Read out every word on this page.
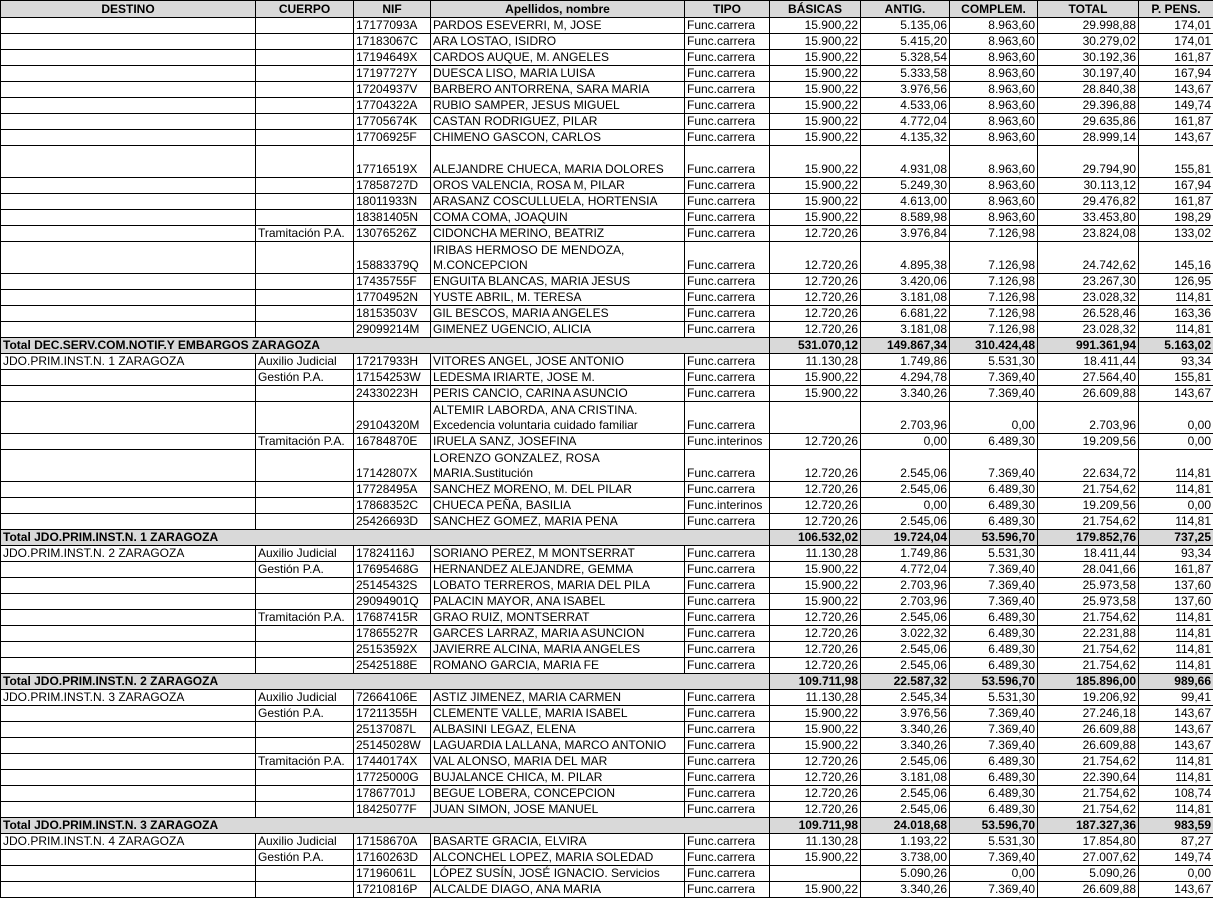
DESTINO	CUERPO	NIF	Apellidos, nombre	TIPO	BÁSICAS	ANTIG.	COMPLEM.	TOTAL	P. PENS.
		17177093A	PARDOS ESEVERRI, M, JOSE	Func.carrera	15.900,22	5.135,06	8.963,60	29.998,88	174,01
		17183067C	ARA LOSTAO, ISIDRO	Func.carrera	15.900,22	5.415,20	8.963,60	30.279,02	174,01
		17194649X	CARDOS AUQUE, M. ANGELES	Func.carrera	15.900,22	5.328,54	8.963,60	30.192,36	161,87
		17197727Y	DUESCA LISO, MARIA LUISA	Func.carrera	15.900,22	5.333,58	8.963,60	30.197,40	167,94
		17204937V	BARBERO ANTORRENA, SARA MARIA	Func.carrera	15.900,22	3.976,56	8.963,60	28.840,38	143,67
		17704322A	RUBIO SAMPER, JESUS MIGUEL	Func.carrera	15.900,22	4.533,06	8.963,60	29.396,88	149,74
		17705674K	CASTAN RODRIGUEZ, PILAR	Func.carrera	15.900,22	4.772,04	8.963,60	29.635,86	161,87
		17706925F	CHIMENO GASCON, CARLOS	Func.carrera	15.900,22	4.135,32	8.963,60	28.999,14	143,67
		17716519X	ALEJANDRE CHUECA, MARIA DOLORES	Func.carrera	15.900,22	4.931,08	8.963,60	29.794,90	155,81
		17858727D	OROS VALENCIA, ROSA M, PILAR	Func.carrera	15.900,22	5.249,30	8.963,60	30.113,12	167,94
		18011933N	ARASANZ COSCULLUELA, HORTENSIA	Func.carrera	15.900,22	4.613,00	8.963,60	29.476,82	161,87
		18381405N	COMA COMA, JOAQUIN	Func.carrera	15.900,22	8.589,98	8.963,60	33.453,80	198,29
	Tramitación P.A.	13076526Z	CIDONCHA MERINO, BEATRIZ	Func.carrera	12.720,26	3.976,84	7.126,98	23.824,08	133,02
		15883379Q	IRIBAS HERMOSO DE MENDOZA, M.CONCEPCION	Func.carrera	12.720,26	4.895,38	7.126,98	24.742,62	145,16
		17435755F	ENGUITA BLANCAS, MARIA JESUS	Func.carrera	12.720,26	3.420,06	7.126,98	23.267,30	126,95
		17704952N	YUSTE ABRIL, M. TERESA	Func.carrera	12.720,26	3.181,08	7.126,98	23.028,32	114,81
		18153503V	GIL BESCOS, MARIA ANGELES	Func.carrera	12.720,26	6.681,22	7.126,98	26.528,46	163,36
		29099214M	GIMENEZ UGENCIO, ALICIA	Func.carrera	12.720,26	3.181,08	7.126,98	23.028,32	114,81
Total DEC.SERV.COM.NOTIF.Y EMBARGOS ZARAGOZA					531.070,12	149.867,34	310.424,48	991.361,94	5.163,02
JDO.PRIM.INST.N. 1 ZARAGOZA	Auxilio Judicial	17217933H	VITORES ANGEL, JOSE ANTONIO	Func.carrera	11.130,28	1.749,86	5.531,30	18.411,44	93,34
	Gestión P.A.	17154253W	LEDESMA IRIARTE, JOSE M.	Func.carrera	15.900,22	4.294,78	7.369,40	27.564,40	155,81
		24330223H	PERIS CANCIO, CARINA ASUNCIO	Func.carrera	15.900,22	3.340,26	7.369,40	26.609,88	143,67
		29104320M	ALTEMIR LABORDA, ANA CRISTINA. Excedencia voluntaria cuidado familiar	Func.carrera		2.703,96	0,00	2.703,96	0,00
	Tramitación P.A.	16784870E	IRUELA SANZ, JOSEFINA	Func.interinos	12.720,26	0,00	6.489,30	19.209,56	0,00
		17142807X	LORENZO GONZALEZ, ROSA MARIA.Sustitución	Func.carrera	12.720,26	2.545,06	7.369,40	22.634,72	114,81
		17728495A	SANCHEZ MORENO, M. DEL PILAR	Func.carrera	12.720,26	2.545,06	6.489,30	21.754,62	114,81
		17868352C	CHUECA PEÑA, BASILIA	Func.interinos	12.720,26	0,00	6.489,30	19.209,56	0,00
		25426693D	SANCHEZ GOMEZ, MARIA PENA	Func.carrera	12.720,26	2.545,06	6.489,30	21.754,62	114,81
Total JDO.PRIM.INST.N. 1 ZARAGOZA					106.532,02	19.724,04	53.596,70	179.852,76	737,25
JDO.PRIM.INST.N. 2 ZARAGOZA	Auxilio Judicial	17824116J	SORIANO PEREZ, M MONTSERRAT	Func.carrera	11.130,28	1.749,86	5.531,30	18.411,44	93,34
	Gestión P.A.	17695468G	HERNANDEZ ALEJANDRE, GEMMA	Func.carrera	15.900,22	4.772,04	7.369,40	28.041,66	161,87
		25145432S	LOBATO TERREROS, MARIA DEL PILA	Func.carrera	15.900,22	2.703,96	7.369,40	25.973,58	137,60
		29094901Q	PALACIN MAYOR, ANA ISABEL	Func.carrera	15.900,22	2.703,96	7.369,40	25.973,58	137,60
	Tramitación P.A.	17687415R	GRAO RUIZ, MONTSERRAT	Func.carrera	12.720,26	2.545,06	6.489,30	21.754,62	114,81
		17865527R	GARCES LARRAZ, MARIA ASUNCION	Func.carrera	12.720,26	3.022,32	6.489,30	22.231,88	114,81
		25153592X	JAVIERRE ALCINA, MARIA ANGELES	Func.carrera	12.720,26	2.545,06	6.489,30	21.754,62	114,81
		25425188E	ROMANO GARCIA, MARIA FE	Func.carrera	12.720,26	2.545,06	6.489,30	21.754,62	114,81
Total JDO.PRIM.INST.N. 2 ZARAGOZA					109.711,98	22.587,32	53.596,70	185.896,00	989,66
JDO.PRIM.INST.N. 3 ZARAGOZA	Auxilio Judicial	72664106E	ASTIZ JIMENEZ, MARIA CARMEN	Func.carrera	11.130,28	2.545,34	5.531,30	19.206,92	99,41
	Gestión P.A.	17211355H	CLEMENTE VALLE, MARIA ISABEL	Func.carrera	15.900,22	3.976,56	7.369,40	27.246,18	143,67
		25137087L	ALBASINI LEGAZ, ELENA	Func.carrera	15.900,22	3.340,26	7.369,40	26.609,88	143,67
		25145028W	LAGUARDIA LALLANA, MARCO ANTONIO	Func.carrera	15.900,22	3.340,26	7.369,40	26.609,88	143,67
	Tramitación P.A.	17440174X	VAL ALONSO, MARIA DEL MAR	Func.carrera	12.720,26	2.545,06	6.489,30	21.754,62	114,81
		17725000G	BUJALANCE CHICA, M. PILAR	Func.carrera	12.720,26	3.181,08	6.489,30	22.390,64	114,81
		17867701J	BEGUE LOBERA, CONCEPCION	Func.carrera	12.720,26	2.545,06	6.489,30	21.754,62	108,74
		18425077F	JUAN SIMON, JOSE MANUEL	Func.carrera	12.720,26	2.545,06	6.489,30	21.754,62	114,81
Total JDO.PRIM.INST.N. 3 ZARAGOZA					109.711,98	24.018,68	53.596,70	187.327,36	983,59
JDO.PRIM.INST.N. 4 ZARAGOZA	Auxilio Judicial	17158670A	BASARTE GRACIA, ELVIRA	Func.carrera	11.130,28	1.193,22	5.531,30	17.854,80	87,27
	Gestión P.A.	17160263D	ALCONCHEL LOPEZ, MARIA SOLEDAD	Func.carrera	15.900,22	3.738,00	7.369,40	27.007,62	149,74
		17196061L	LÓPEZ SUSÍN, JOSÉ IGNACIO. Servicios	Func.carrera		5.090,26	0,00	5.090,26	0,00
		17210816P	ALCALDE DIAGO, ANA MARIA	Func.carrera	15.900,22	3.340,26	7.369,40	26.609,88	143,67
